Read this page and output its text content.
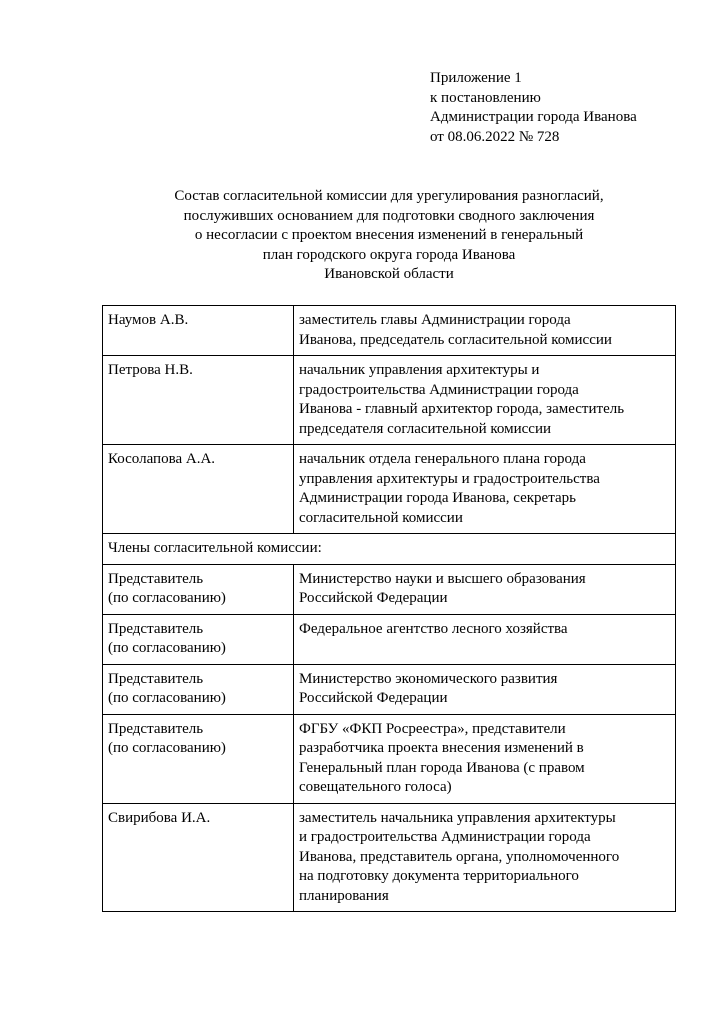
Приложение 1
к постановлению
Администрации города Иванова
от 08.06.2022 № 728
Состав согласительной комиссии для урегулирования разногласий,
послуживших основанием для подготовки сводного заключения
о несогласии с проектом внесения изменений в генеральный
план городского округа города Иванова
Ивановской области
Наумов А.В.	заместитель главы Администрации города
Иванова, председатель согласительной комиссии

Петрова Н.В.	начальник управления архитектуры и
градостроительства Администрации города
Иванова - главный архитектор города, заместитель
председателя согласительной комиссии

Косолапова А.А.	начальник отдела генерального плана города
управления архитектуры и градостроительства
Администрации города Иванова, секретарь
согласительной комиссии

Члены согласительной комиссии:	

Представитель
(по согласованию)	Министерство науки и высшего образования
Российской Федерации

Представитель
(по согласованию)	Федеральное агентство лесного хозяйства

Представитель
(по согласованию)	Министерство экономического развития
Российской Федерации

Представитель
(по согласованию)	ФГБУ «ФКП Росреестра», представители
разработчика проекта внесения изменений в
Генеральный план города Иванова (с правом
совещательного голоса)

Свирибова И.А.	заместитель начальника управления архитектуры
и градостроительства Администрации города
Иванова, представитель органа, уполномоченного
на подготовку документа территориального
планирования
